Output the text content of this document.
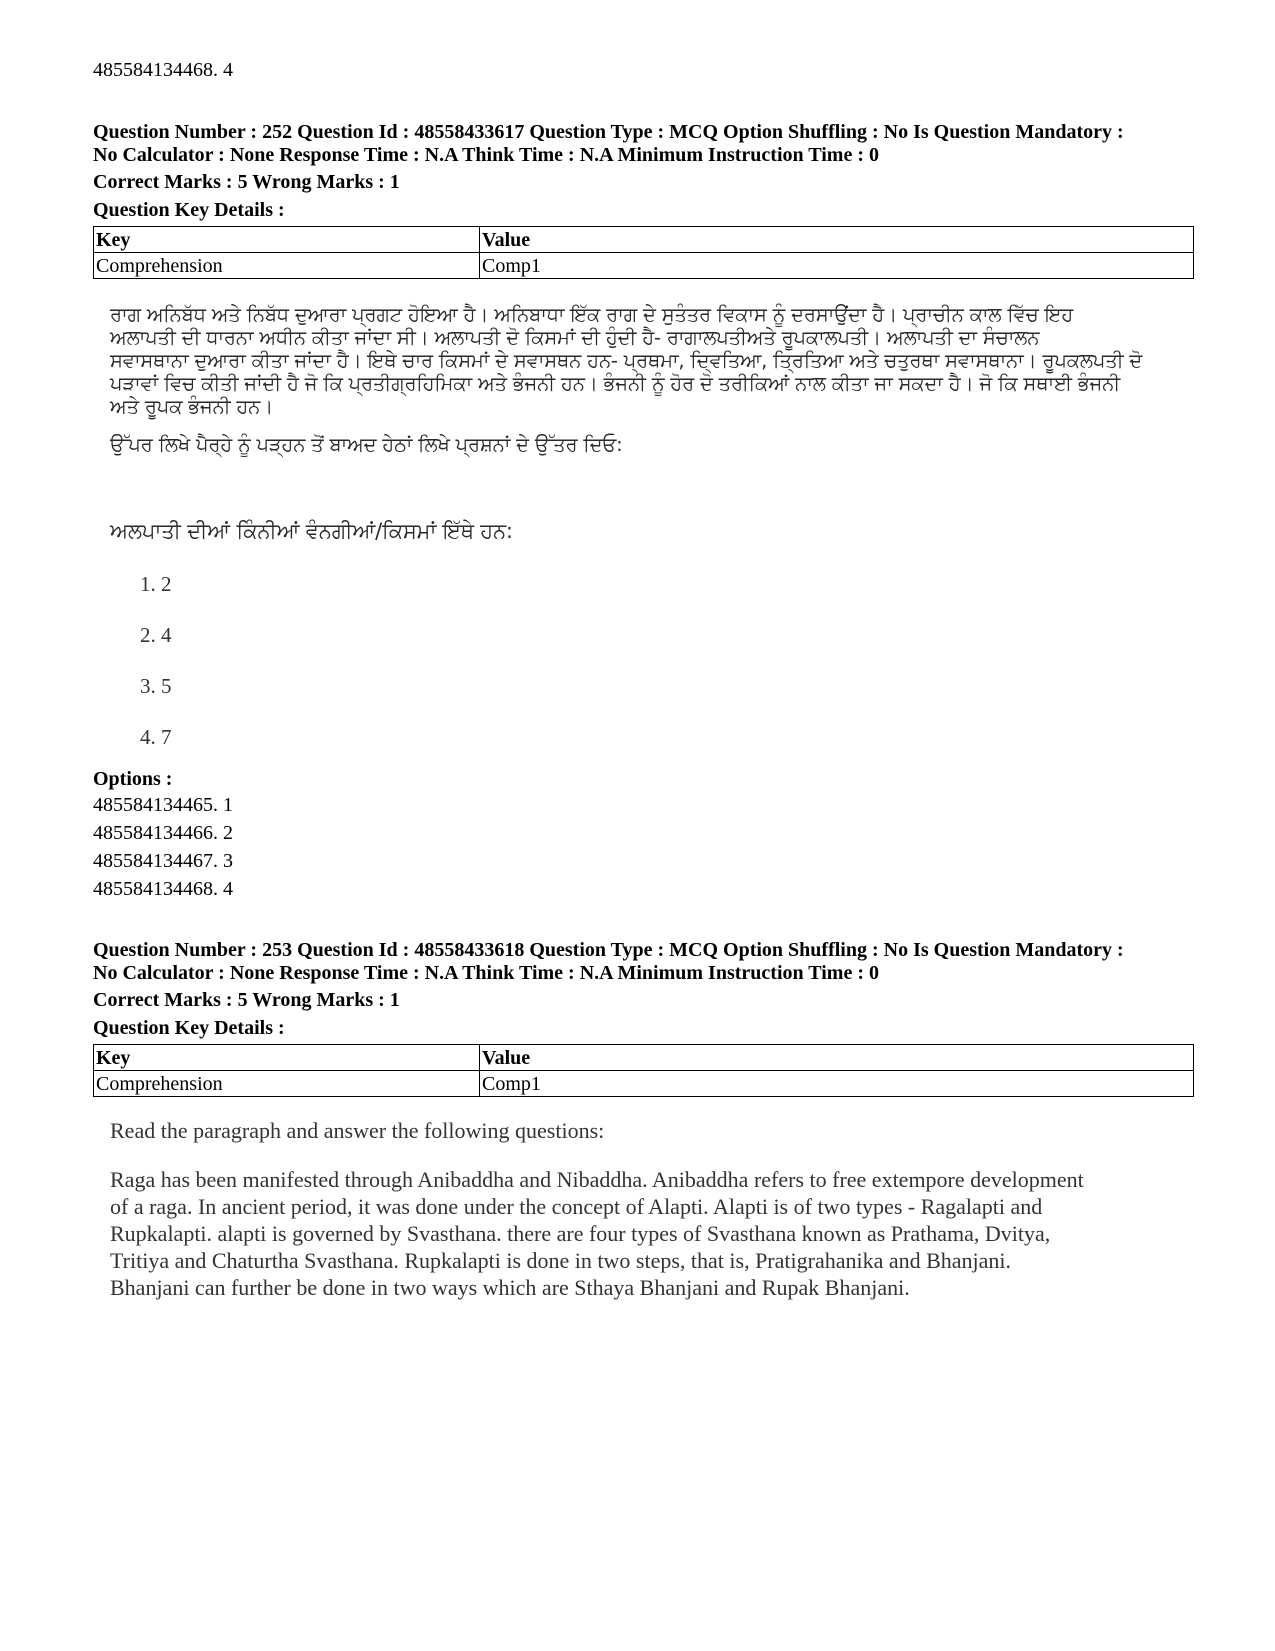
485584134468. 4
Question Number : 252 Question Id : 48558433617 Question Type : MCQ Option Shuffling : No Is Question Mandatory :
No Calculator : None Response Time : N.A Think Time : N.A Minimum Instruction Time : 0
Correct Marks : 5 Wrong Marks : 1
Question Key Details :
Key	Value
Comprehension	Comp1
ਰਾਗ ਅਨਿਬੱਧ ਅਤੇ ਨਿਬੱਧ ਦੁਆਰਾ ਪ੍ਰਗਟ ਹੋਇਆ ਹੈ। ਅਨਿਬਾਧਾ ਇੱਕ ਰਾਗ ਦੇ ਸੁਤੰਤਰ ਵਿਕਾਸ ਨੂੰ ਦਰਸਾਉਂਦਾ ਹੈ। ਪ੍ਰਾਚੀਨ ਕਾਲ ਵਿੱਚ ਇਹ
ਅਲਾਪਤੀ ਦੀ ਧਾਰਨਾ ਅਧੀਨ ਕੀਤਾ ਜਾਂਦਾ ਸੀ। ਅਲਾਪਤੀ ਦੋ ਕਿਸਮਾਂ ਦੀ ਹੁੰਦੀ ਹੈ- ਰਾਗਾਲਪਤੀਅਤੇ ਰੂਪਕਾਲਪਤੀ। ਅਲਾਪਤੀ ਦਾ ਸੰਚਾਲਨ
ਸਵਾਸਥਾਨਾ ਦੁਆਰਾ ਕੀਤਾ ਜਾਂਦਾ ਹੈ। ਇਥੇ ਚਾਰ ਕਿਸਮਾਂ ਦੇ ਸਵਾਸਥਨ ਹਨ- ਪ੍ਰਥਮਾ, ਦ੍ਵਿਤਿਆ, ਤ੍ਰਿਤਿਆ ਅਤੇ ਚਤੁਰਥਾ ਸਵਾਸਥਾਨਾ। ਰੂਪਕਲਪਤੀ ਦੋ
ਪੜਾਵਾਂ ਵਿਚ ਕੀਤੀ ਜਾਂਦੀ ਹੈ ਜੋ ਕਿ ਪ੍ਰਤੀਗ੍ਰਹਿਮਿਕਾ ਅਤੇ ਭੰਜਨੀ ਹਨ। ਭੰਜਨੀ ਨੂੰ ਹੋਰ ਦੋ ਤਰੀਕਿਆਂ ਨਾਲ ਕੀਤਾ ਜਾ ਸਕਦਾ ਹੈ। ਜੋ ਕਿ ਸਥਾਈ ਭੰਜਨੀ
ਅਤੇ ਰੂਪਕ ਭੰਜਨੀ ਹਨ।
ਉੱਪਰ ਲਿਖੇ ਪੈਰ੍ਹੇ ਨੂੰ ਪੜ੍ਹਨ ਤੋਂ ਬਾਅਦ ਹੇਠਾਂ ਲਿਖੇ ਪ੍ਰਸ਼ਨਾਂ ਦੇ ਉੱਤਰ ਦਿਓ:
ਅਲਪਾਤੀ ਦੀਆਂ ਕਿੰਨੀਆਂ ਵੰਨਗੀਆਂ/ਕਿਸਮਾਂ ਇੱਥੇ ਹਨ:
1. 2
2. 4
3. 5
4. 7
Options :
485584134465. 1
485584134466. 2
485584134467. 3
485584134468. 4
Question Number : 253 Question Id : 48558433618 Question Type : MCQ Option Shuffling : No Is Question Mandatory :
No Calculator : None Response Time : N.A Think Time : N.A Minimum Instruction Time : 0
Correct Marks : 5 Wrong Marks : 1
Question Key Details :
Key	Value
Comprehension	Comp1
Read the paragraph and answer the following questions:
Raga has been manifested through Anibaddha and Nibaddha. Anibaddha refers to free extempore development
of a raga. In ancient period, it was done under the concept of Alapti. Alapti is of two types - Ragalapti and
Rupkalapti. alapti is governed by Svasthana. there are four types of Svasthana known as Prathama, Dvitya,
Tritiya and Chaturtha Svasthana. Rupkalapti is done in two steps, that is, Pratigrahanika and Bhanjani.
Bhanjani can further be done in two ways which are Sthaya Bhanjani and Rupak Bhanjani.
